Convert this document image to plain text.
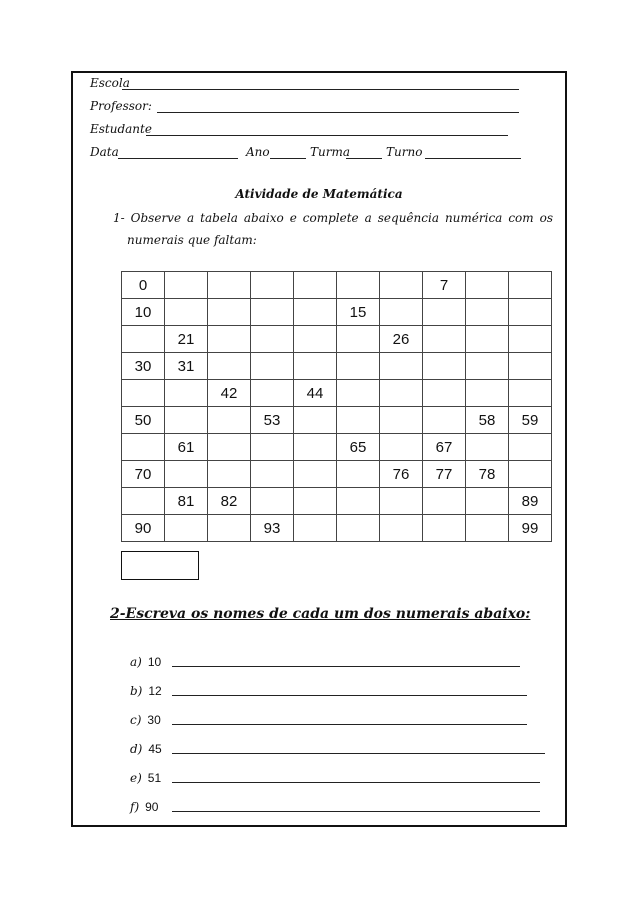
Escola
Professor:
Estudante
Data	Ano	Turma	Turno
Atividade de Matemática
1- Observe a tabela abaixo e complete a sequência numérica com os
numerais que faltam:
0							7		
10					15				
	21					26			
30	31								
		42		44					
50			53					58	59
	61				65		67		
70						76	77	78	
	81	82							89
90			93						99
2-Escreva os nomes de cada um dos numerais abaixo:
a) 10
b) 12
c) 30
d) 45
e) 51
f) 90
